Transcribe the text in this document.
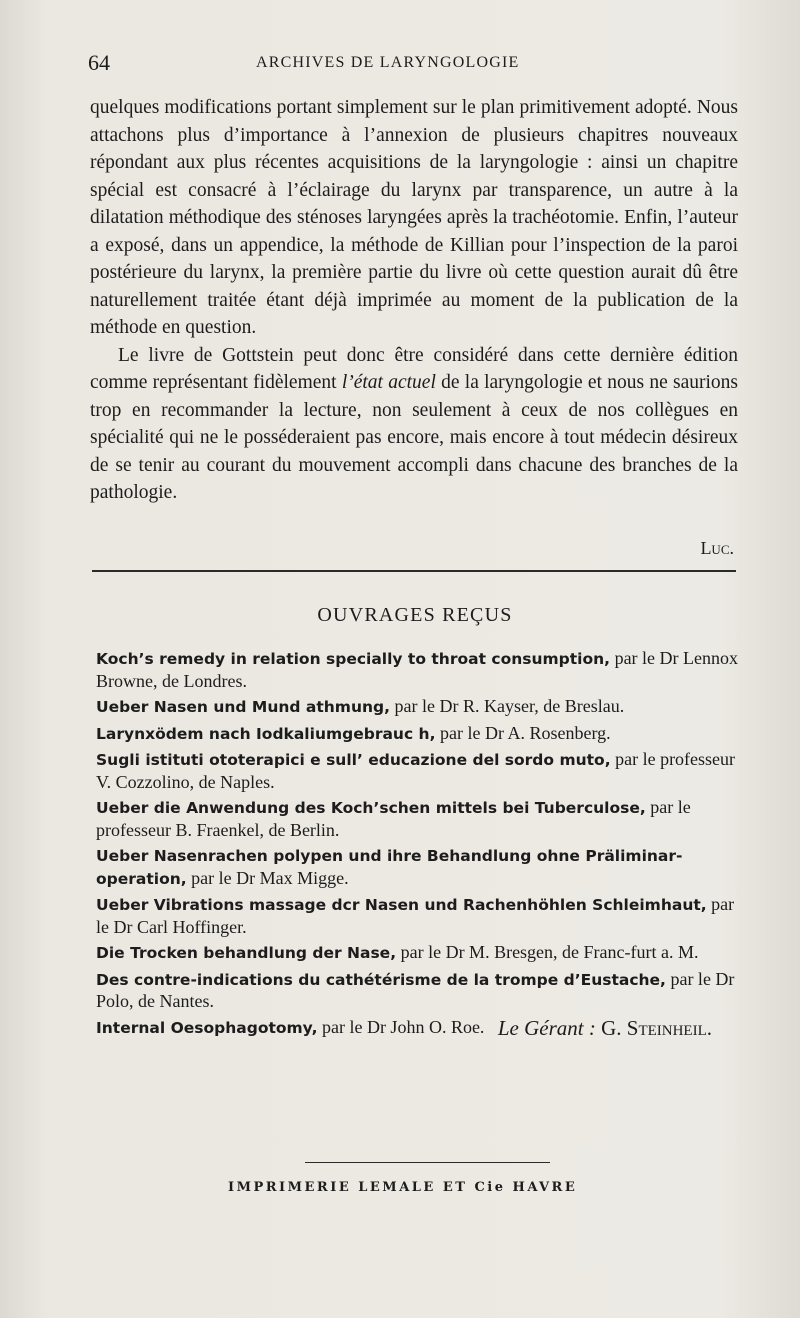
64	ARCHIVES DE LARYNGOLOGIE

quelques modifications portant simplement sur le plan primitivement adopté. Nous attachons plus d’importance à l’annexion de plusieurs chapitres nouveaux répondant aux plus récentes acquisitions de la laryngologie : ainsi un chapitre spécial est consacré à l’éclairage du larynx par transparence, un autre à la dilatation méthodique des sténoses laryngées après la trachéotomie. Enfin, l’auteur a exposé, dans un appendice, la méthode de Killian pour l’inspection de la paroi postérieure du larynx, la première partie du livre où cette question aurait dû être naturellement traitée étant déjà imprimée au moment de la publication de la méthode en question.

Le livre de Gottstein peut donc être considéré dans cette dernière édition comme représentant fidèlement l’état actuel de la laryngologie et nous ne saurions trop en recommander la lecture, non seulement à ceux de nos collègues en spécialité qui ne le posséderaient pas encore, mais encore à tout médecin désireux de se tenir au courant du mouvement accompli dans chacune des branches de la pathologie.

Luc.
OUVRAGES REÇUS
Koch’s remedy in relation specially to throat consumption, par le Dr Lennox Browne, de Londres.
Ueber Nasen und Mund athmung, par le Dr R. Kayser, de Breslau.
Larynxödem nach Iodkaliumgebrauc h, par le Dr A. Rosenberg.
Sugli istituti ototerapici e sull’ educazione del sordo muto, par le professeur V. Cozzolino, de Naples.
Ueber die Anwendung des Koch’schen mittels bei Tuberculose, par le professeur B. Fraenkel, de Berlin.
Ueber Nasenrachen polypen und ihre Behandlung ohne Präliminar-operation, par le Dr Max Migge.
Ueber Vibrations massage dcr Nasen und Rachenhöhlen Schleimhaut, par le Dr Carl Hoffinger.
Die Trocken behandlung der Nase, par le Dr M. Bresgen, de Franc-furt a. M.
Des contre-indications du cathétérisme de la trompe d’Eustache, par le Dr Polo, de Nantes.
Internal Oesophagotomy, par le Dr John O. Roe. Le Gérant : G. Steinheil.
IMPRIMERIE LEMALE ET Cie HAVRE
